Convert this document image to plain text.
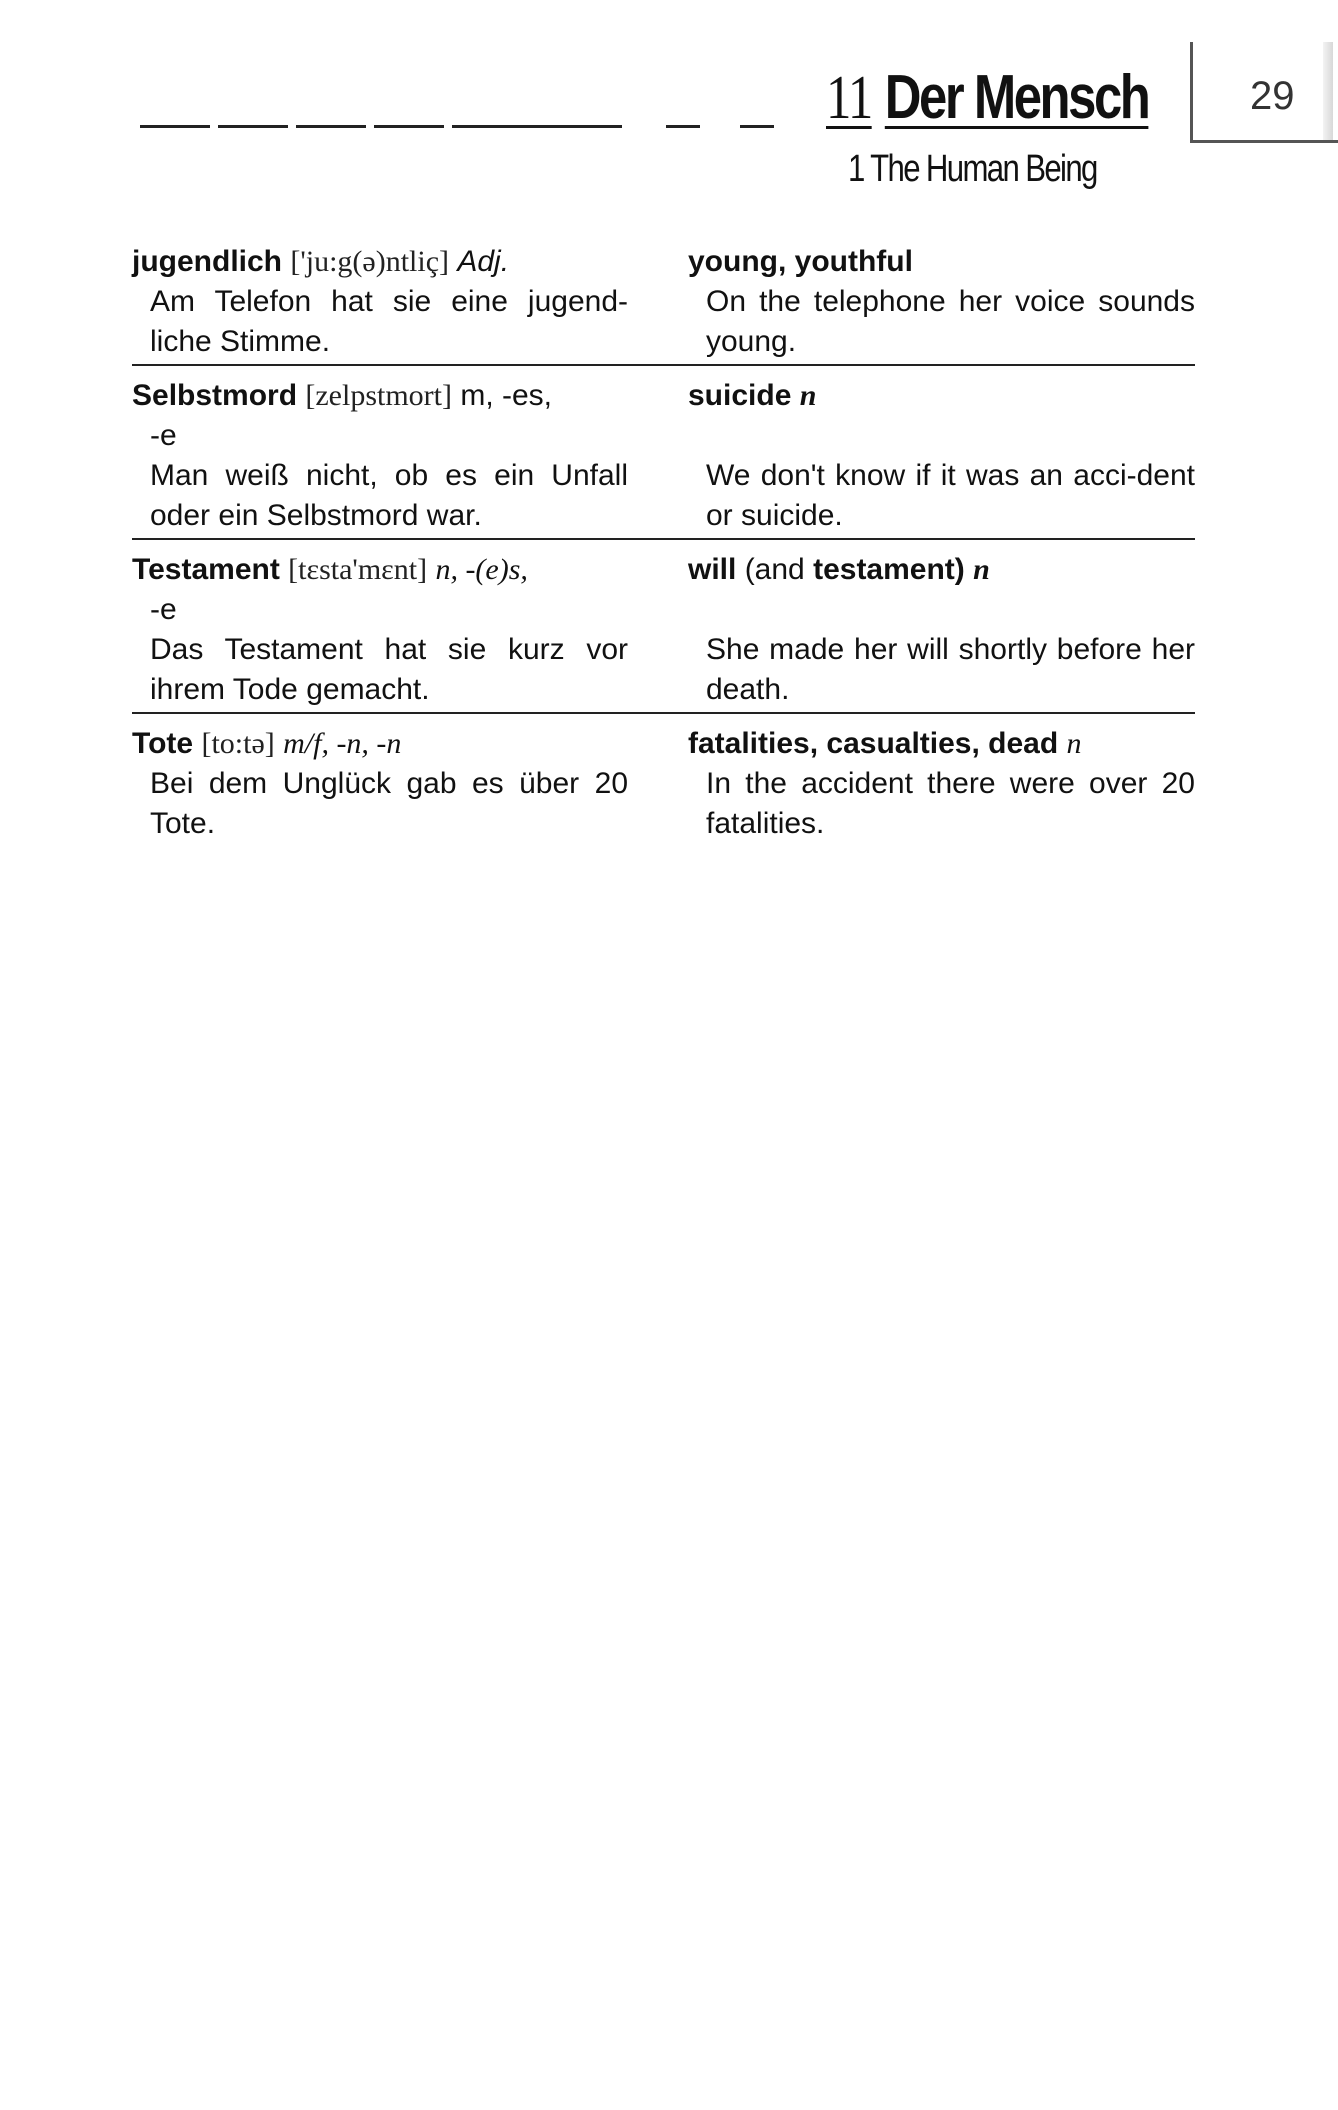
11 Der Mensch	29
1 The Human Being
jugendlich ['ju:g(ə)ntliç] Adj.
Am Telefon hat sie eine jugend-liche Stimme.
young, youthful
On the telephone her voice sounds young.
Selbstmord [zelpstmort] m, -es,
-e
Man weiß nicht, ob es ein Unfall oder ein Selbstmord war.
suicide n
We don't know if it was an acci-dent or suicide.
Testament [tɛsta'mɛnt] n, -(e)s,
-e
Das Testament hat sie kurz vor ihrem Tode gemacht.
will (and testament) n
She made her will shortly before her death.
Tote [to:tə] m/f, -n, -n
Bei dem Unglück gab es über 20 Tote.
fatalities, casualties, dead n
In the accident there were over 20 fatalities.
